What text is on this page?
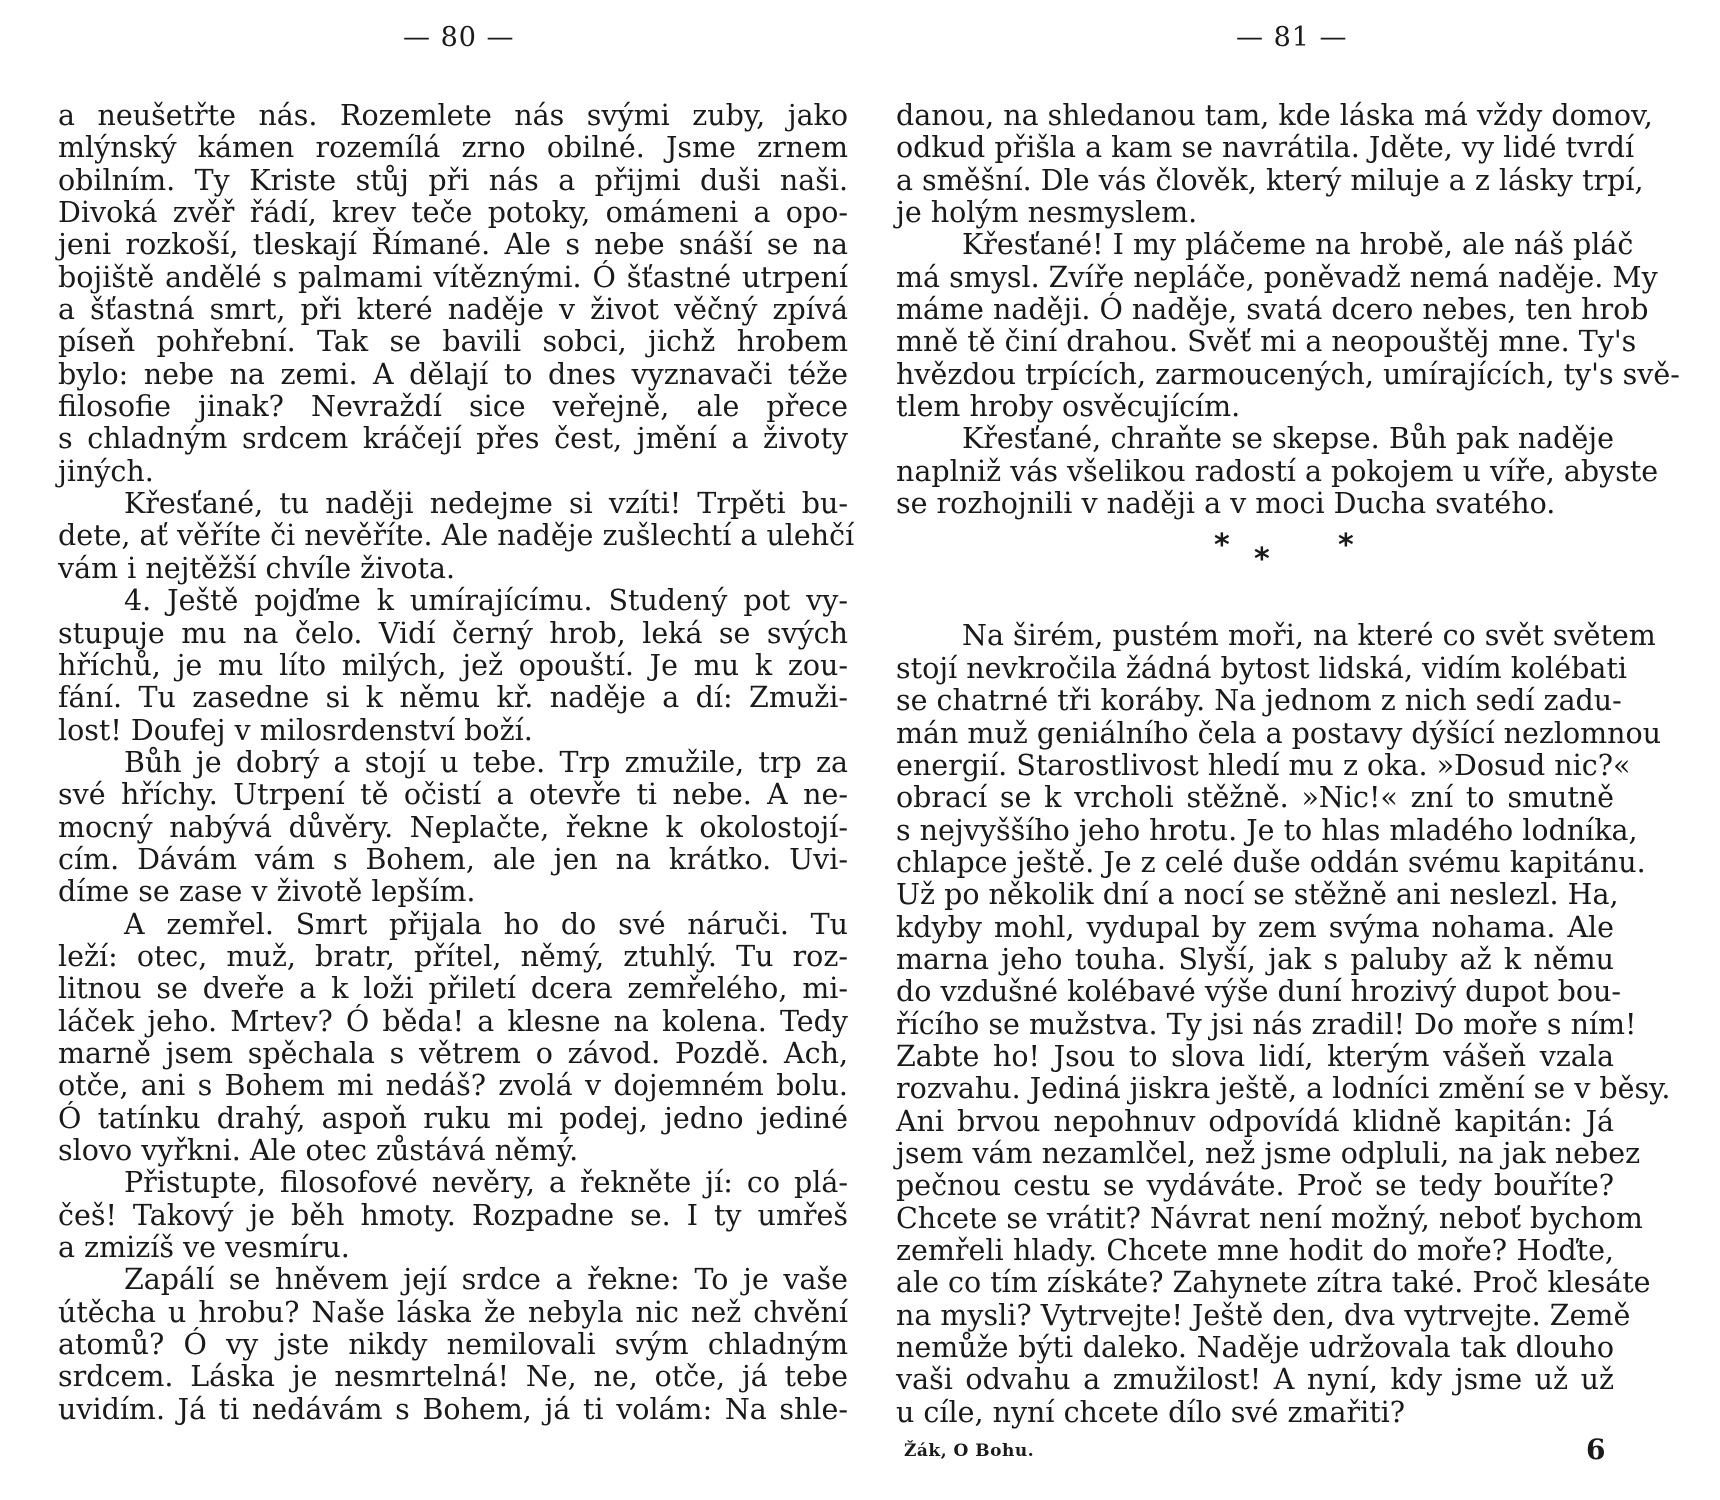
— 80 —
a neušetřte nás. Rozemlete nás svými zuby, jako
mlýnský kámen rozemílá zrno obilné. Jsme zrnem
obilním. Ty Kriste stůj při nás a přijmi duši naši.
Divoká zvěř řádí, krev teče potoky, omámeni a opo-
jeni rozkoší, tleskají Římané. Ale s nebe snáší se na
bojiště andělé s palmami vítěznými. Ó šťastné utrpení
a šťastná smrt, při které naděje v život věčný zpívá
píseň pohřební. Tak se bavili sobci, jichž hrobem
bylo: nebe na zemi. A dělají to dnes vyznavači téže
filosofie jinak? Nevraždí sice veřejně, ale přece
s chladným srdcem kráčejí přes čest, jmění a životy
jiných.
Křesťané, tu naději nedejme si vzíti! Trpěti bu-
dete, ať věříte či nevěříte. Ale naděje zušlechtí a ulehčí
vám i nejtěžší chvíle života.
4. Ještě pojďme k umírajícímu. Studený pot vy-
stupuje mu na čelo. Vidí černý hrob, leká se svých
hříchů, je mu líto milých, jež opouští. Je mu k zou-
fání. Tu zasedne si k němu kř. naděje a dí: Zmuži-
lost! Doufej v milosrdenství boží.
Bůh je dobrý a stojí u tebe. Trp zmužile, trp za
své hříchy. Utrpení tě očistí a otevře ti nebe. A ne-
mocný nabývá důvěry. Neplačte, řekne k okolostojí-
cím. Dávám vám s Bohem, ale jen na krátko. Uvi-
díme se zase v životě lepším.
A zemřel. Smrt přijala ho do své náruči. Tu
leží: otec, muž, bratr, přítel, němý, ztuhlý. Tu roz-
litnou se dveře a k loži přiletí dcera zemřelého, mi-
láček jeho. Mrtev? Ó běda! a klesne na kolena. Tedy
marně jsem spěchala s větrem o závod. Pozdě. Ach,
otče, ani s Bohem mi nedáš? zvolá v dojemném bolu.
Ó tatínku drahý, aspoň ruku mi podej, jedno jediné
slovo vyřkni. Ale otec zůstává němý.
Přistupte, filosofové nevěry, a řekněte jí: co plá-
češ! Takový je běh hmoty. Rozpadne se. I ty umřeš
a zmizíš ve vesmíru.
Zapálí se hněvem její srdce a řekne: To je vaše
útěcha u hrobu? Naše láska že nebyla nic než chvění
atomů? Ó vy jste nikdy nemilovali svým chladným
srdcem. Láska je nesmrtelná! Ne, ne, otče, já tebe
uvidím. Já ti nedávám s Bohem, já ti volám: Na shle-
— 81 —
danou, na shledanou tam, kde láska má vždy domov,
odkud přišla a kam se navrátila. Jděte, vy lidé tvrdí
a směšní. Dle vás člověk, který miluje a z lásky trpí,
je holým nesmyslem.
Křesťané! I my pláčeme na hrobě, ale náš pláč
má smysl. Zvíře nepláče, poněvadž nemá naděje. My
máme naději. Ó naděje, svatá dcero nebes, ten hrob
mně tě činí drahou. Svěť mi a neopouštěj mne. Ty's
hvězdou trpících, zarmoucených, umírajících, ty's svě-
tlem hroby osvěcujícím.
Křesťané, chraňte se skepse. Bůh pak naděje
naplniž vás všelikou radostí a pokojem u víře, abyste
se rozhojnili v naději a v moci Ducha svatého.
* * *
Na širém, pustém moři, na které co svět světem
stojí nevkročila žádná bytost lidská, vidím kolébati
se chatrné tři koráby. Na jednom z nich sedí zadu-
mán muž geniálního čela a postavy dýšící nezlomnou
energií. Starostlivost hledí mu z oka. »Dosud nic?«
obrací se k vrcholi stěžně. »Nic!« zní to smutně
s nejvyššího jeho hrotu. Je to hlas mladého lodníka,
chlapce ještě. Je z celé duše oddán svému kapitánu.
Už po několik dní a nocí se stěžně ani neslezl. Ha,
kdyby mohl, vydupal by zem svýma nohama. Ale
marna jeho touha. Slyší, jak s paluby až k němu
do vzdušné kolébavé výše duní hrozivý dupot bou-
řícího se mužstva. Ty jsi nás zradil! Do moře s ním!
Zabte ho! Jsou to slova lidí, kterým vášeň vzala
rozvahu. Jediná jiskra ještě, a lodníci změní se v běsy.
Ani brvou nepohnuv odpovídá klidně kapitán: Já
jsem vám nezamlčel, než jsme odpluli, na jak nebez
pečnou cestu se vydáváte. Proč se tedy bouříte?
Chcete se vrátit? Návrat není možný, neboť bychom
zemřeli hlady. Chcete mne hodit do moře? Hoďte,
ale co tím získáte? Zahynete zítra také. Proč klesáte
na mysli? Vytrvejte! Ještě den, dva vytrvejte. Země
nemůže býti daleko. Naděje udržovala tak dlouho
vaši odvahu a zmužilost! A nyní, kdy jsme už už
u cíle, nyní chcete dílo své zmařiti?
Žák, O Bohu.	6
